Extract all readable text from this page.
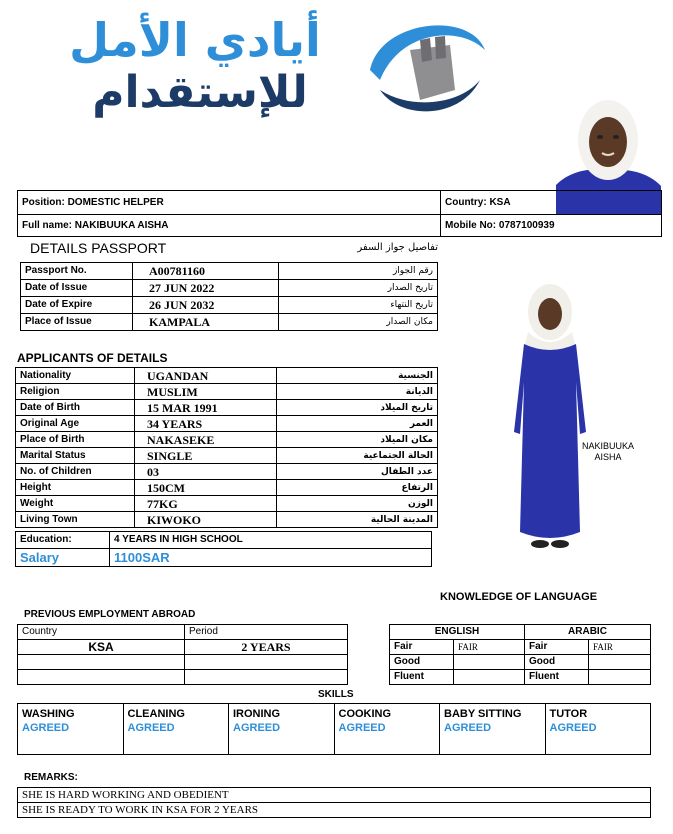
أيادي الأمل
للإستقدام
Position: DOMESTIC HELPER	Country: KSA
Full name: NAKIBUUKA AISHA	Mobile No: 0787100939
DETAILS PASSPORT	تفاصيل جواز السفر
Passport No.	A00781160	رقم الجواز
Date of Issue	27 JUN 2022	تاريخ الصدار
Date of Expire	26 JUN 2032	تاريخ النتهاء
Place of Issue	KAMPALA	مكان الصدار
APPLICANTS OF DETAILS
Nationality	UGANDAN	الجنسية
Religion	MUSLIM	الديانة
Date of Birth	15 MAR 1991	تاريخ الميلاد
Original Age	34 YEARS	العمر
Place of Birth	NAKASEKE	مكان الميلاد
Marital Status	SINGLE	الحالة الجتماعية
No. of Children	03	عدد الطفال
Height	150CM	الرتفاع
Weight	77KG	الوزن
Living Town	KIWOKO	المدينة الحالية
Education:	4 YEARS IN HIGH SCHOOL
Salary	1100SAR
NAKIBUUKA
AISHA
KNOWLEDGE OF LANGUAGE
ENGLISH		ARABIC	
Fair	FAIR	Fair	FAIR
Good		Good	
Fluent		Fluent	
PREVIOUS EMPLOYMENT ABROAD
Country	Period
KSA	2 YEARS

SKILLS
WASHING
AGREED

CLEANING
AGREED

IRONING
AGREED

COOKING
AGREED

BABY SITTING
AGREED

TUTOR
AGREED
REMARKS:
SHE IS HARD WORKING AND OBEDIENT
SHE IS READY TO WORK IN KSA FOR 2 YEARS
